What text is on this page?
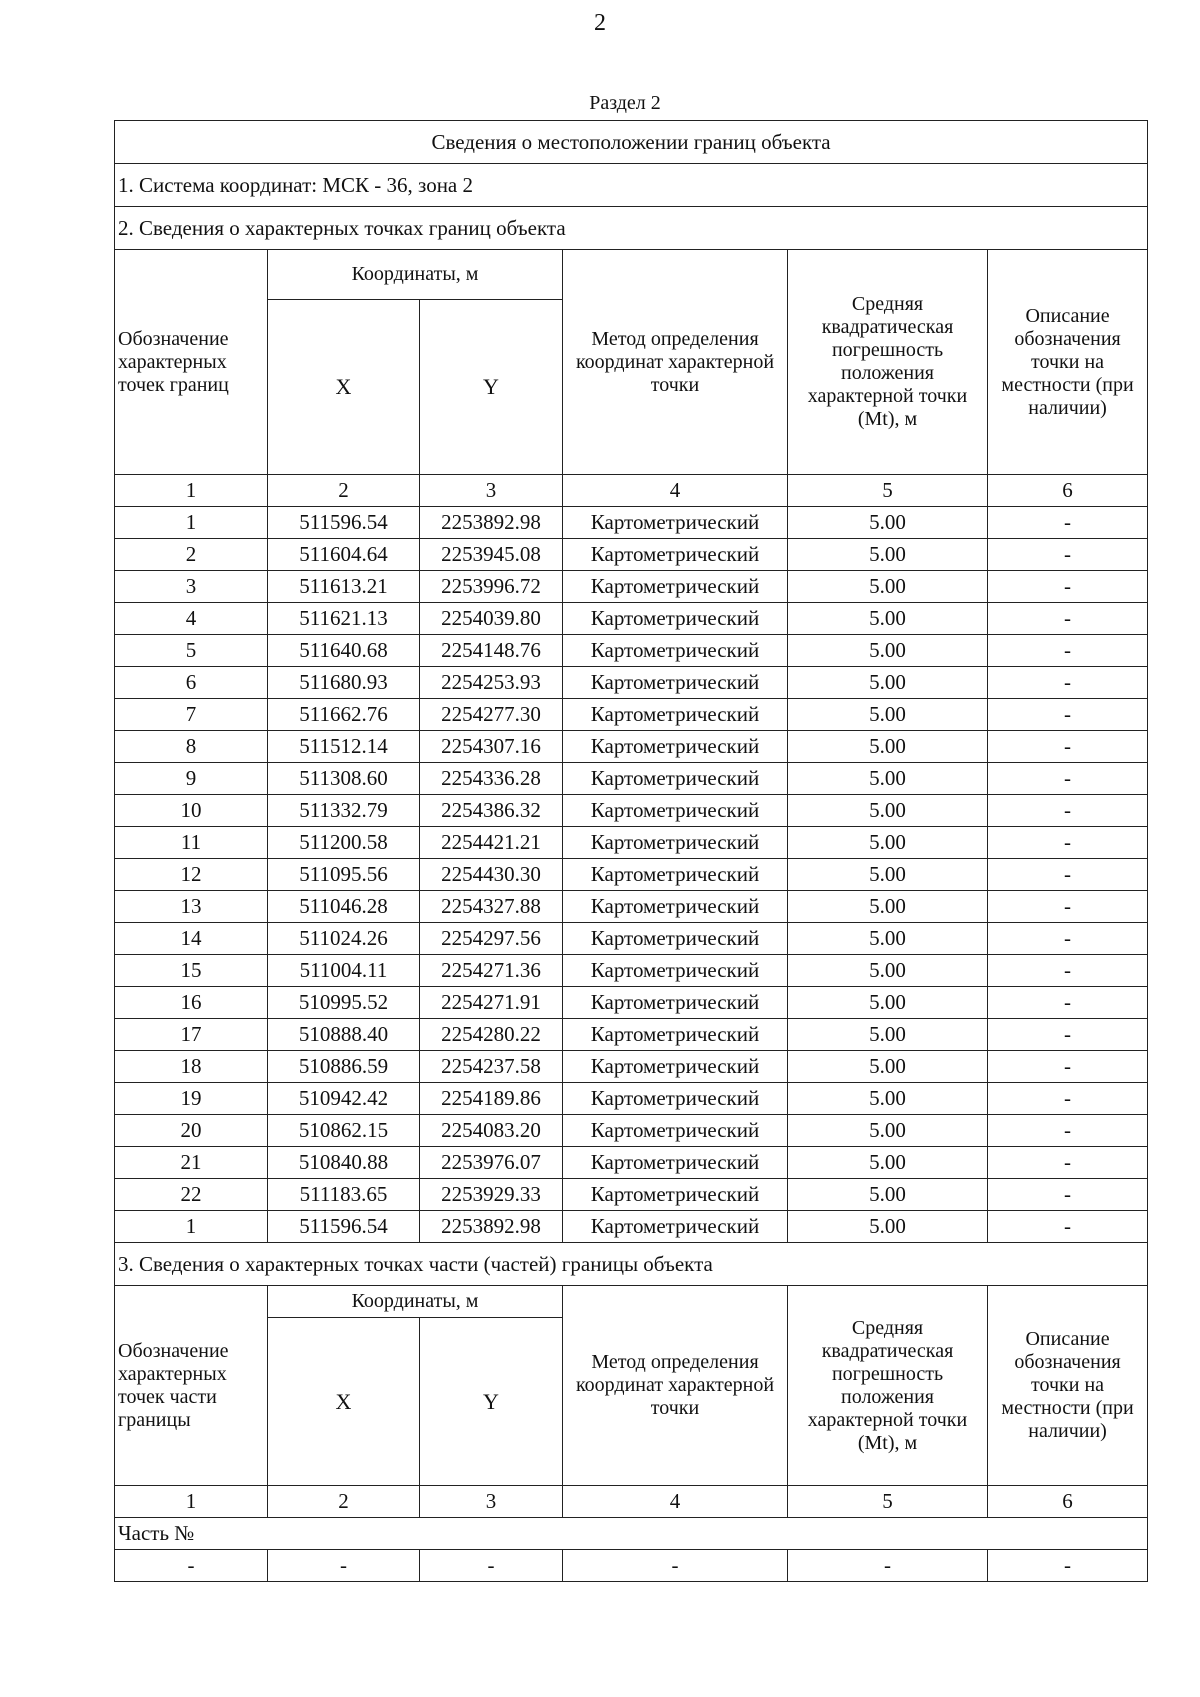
2
Раздел 2
Сведения о местоположении границ объекта					
1. Система координат: МСК - 36, зона 2					
2. Сведения о характерных точках границ объекта					
Обозначение характерных точек границ	Координаты, м		Метод определения координат характерной точки	Средняя квадратическая погрешность положения характерной точки (Mt), м	Описание обозначения точки на местности (при наличии)
	X	Y			
1	2	3	4	5	6
1	511596.54	2253892.98	Картометрический	5.00	-
2	511604.64	2253945.08	Картометрический	5.00	-
3	511613.21	2253996.72	Картометрический	5.00	-
4	511621.13	2254039.80	Картометрический	5.00	-
5	511640.68	2254148.76	Картометрический	5.00	-
6	511680.93	2254253.93	Картометрический	5.00	-
7	511662.76	2254277.30	Картометрический	5.00	-
8	511512.14	2254307.16	Картометрический	5.00	-
9	511308.60	2254336.28	Картометрический	5.00	-
10	511332.79	2254386.32	Картометрический	5.00	-
11	511200.58	2254421.21	Картометрический	5.00	-
12	511095.56	2254430.30	Картометрический	5.00	-
13	511046.28	2254327.88	Картометрический	5.00	-
14	511024.26	2254297.56	Картометрический	5.00	-
15	511004.11	2254271.36	Картометрический	5.00	-
16	510995.52	2254271.91	Картометрический	5.00	-
17	510888.40	2254280.22	Картометрический	5.00	-
18	510886.59	2254237.58	Картометрический	5.00	-
19	510942.42	2254189.86	Картометрический	5.00	-
20	510862.15	2254083.20	Картометрический	5.00	-
21	510840.88	2253976.07	Картометрический	5.00	-
22	511183.65	2253929.33	Картометрический	5.00	-
1	511596.54	2253892.98	Картометрический	5.00	-
3. Сведения о характерных точках части (частей) границы объекта					
Обозначение характерных точек части границы	Координаты, м		Метод определения координат характерной точки	Средняя квадратическая погрешность положения характерной точки (Mt), м	Описание обозначения точки на местности (при наличии)
	X	Y			
1	2	3	4	5	6
Часть №					
-	-	-	-	-	-
